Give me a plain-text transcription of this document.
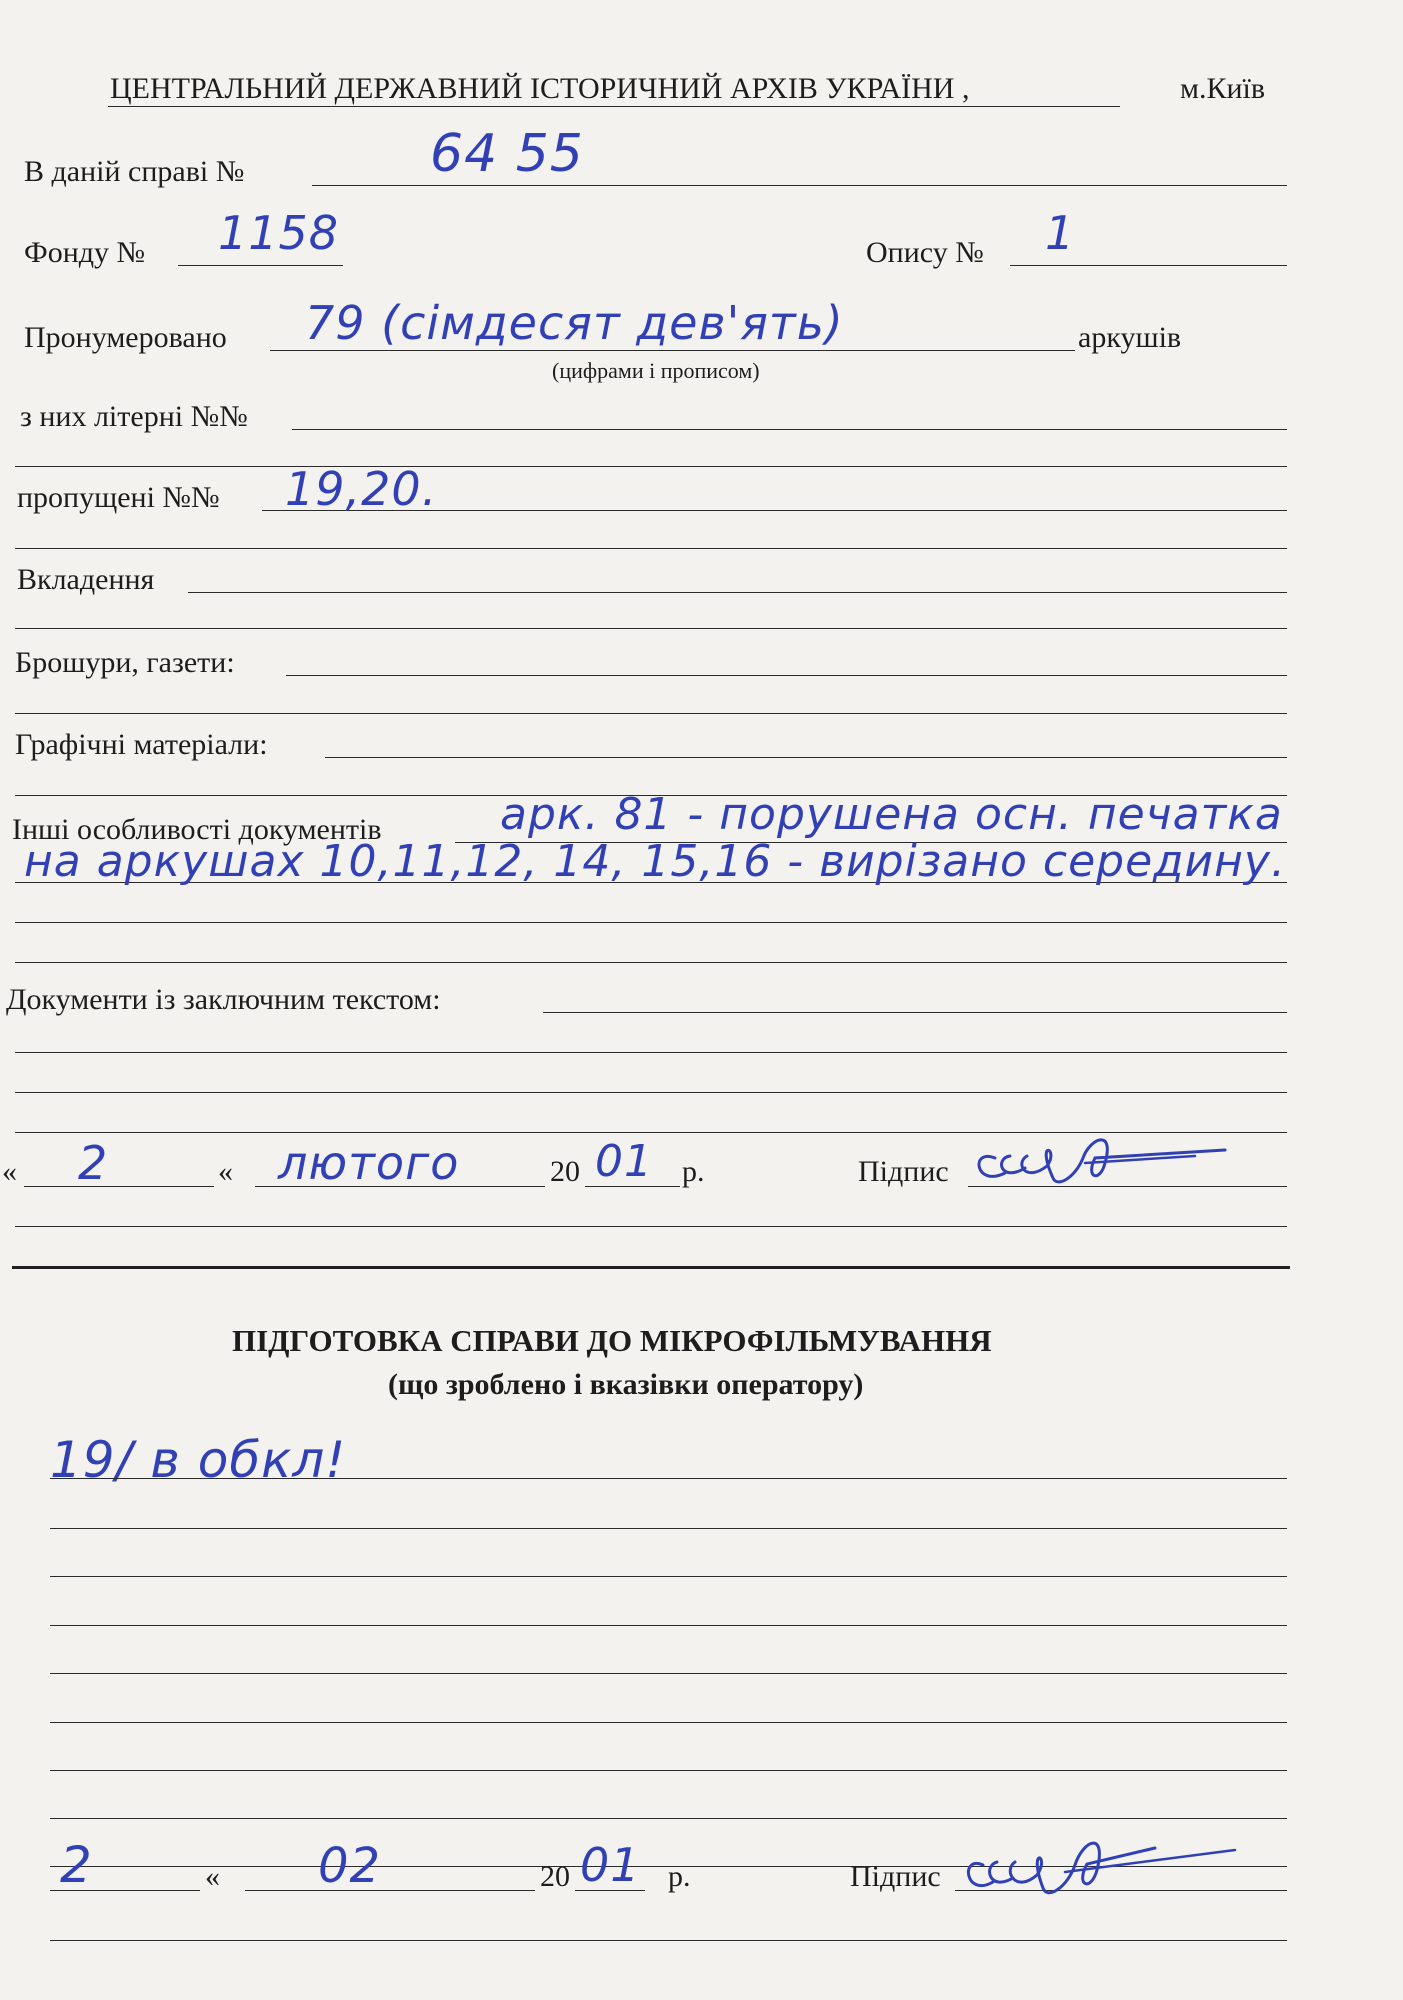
ЦЕНТРАЛЬНИЙ ДЕРЖАВНИЙ ІСТОРИЧНИЙ АРХІВ УКРАЇНИ ,	м.Київ
В даній справі №	64 55
Фонду № 1158	Опису № 1
Пронумеровано 79 (сімдесят дев'ять)	аркушів
(цифрами і прописом)
з них літерні №№
пропущені №№ 19,20.
Вкладення
Брошури, газети:
Графічні матеріали:
Інші особливості документів	арк. 81 - порушена осн. печатка
на аркушах 10,11,12, 14, 15,16 - вирізано середину.
Документи із заключним текстом:
« 2	« лютого	20 01 р.	Підпис
ПІДГОТОВКА СПРАВИ ДО МІКРОФІЛЬМУВАННЯ
(що зроблено і вказівки оператору)
19/ в обкл!
2	« 02	20 01 р.	Підпис
